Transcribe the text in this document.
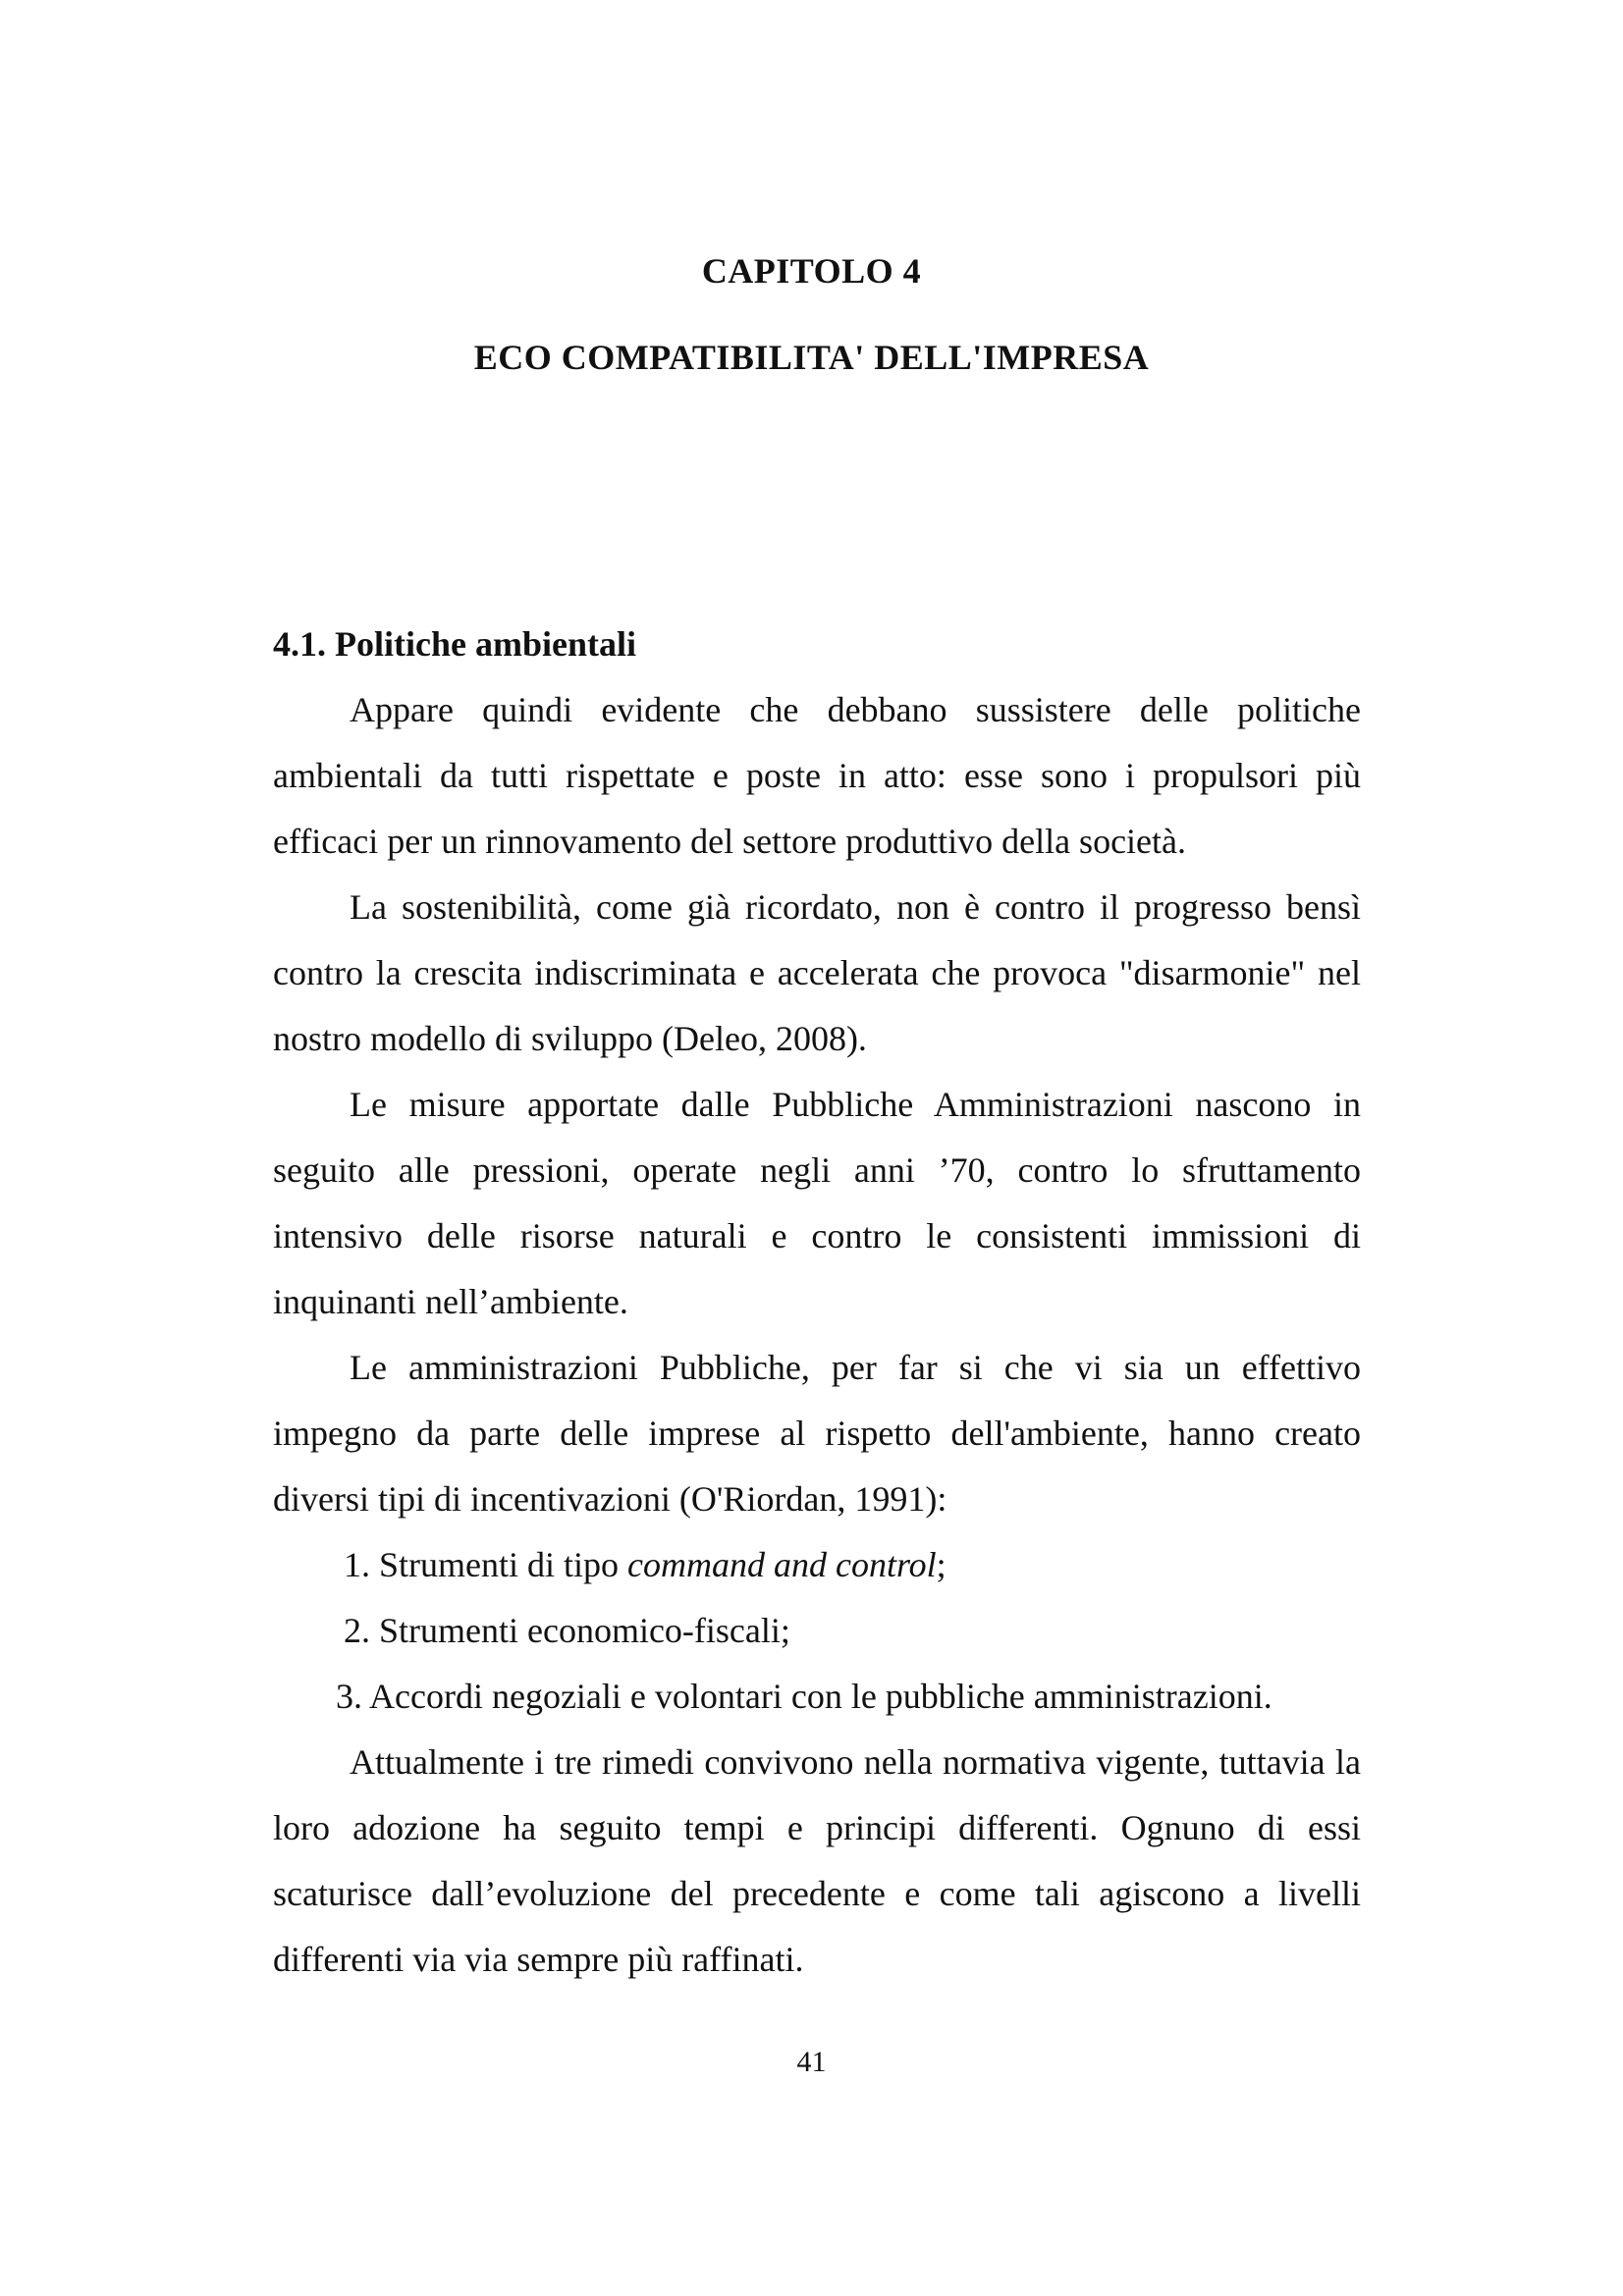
CAPITOLO 4
ECO COMPATIBILITA' DELL'IMPRESA

4.1. Politiche ambientali

Appare quindi evidente che debbano sussistere delle politiche ambientali da tutti rispettate e poste in atto: esse sono i propulsori più efficaci per un rinnovamento del settore produttivo della società.

La sostenibilità, come già ricordato, non è contro il progresso bensì contro la crescita indiscriminata e accelerata che provoca "disarmonie" nel nostro modello di sviluppo (Deleo, 2008).

Le misure apportate dalle Pubbliche Amministrazioni nascono in seguito alle pressioni, operate negli anni ’70, contro lo sfruttamento intensivo delle risorse naturali e contro le consistenti immissioni di inquinanti nell’ambiente.

Le amministrazioni Pubbliche, per far si che vi sia un effettivo impegno da parte delle imprese al rispetto dell'ambiente, hanno creato diversi tipi di incentivazioni (O'Riordan, 1991):

1. Strumenti di tipo command and control;
2. Strumenti economico-fiscali;
3. Accordi negoziali e volontari con le pubbliche amministrazioni.

Attualmente i tre rimedi convivono nella normativa vigente, tuttavia la loro adozione ha seguito tempi e principi differenti. Ognuno di essi scaturisce dall’evoluzione del precedente e come tali agiscono a livelli differenti via via sempre più raffinati.

41
